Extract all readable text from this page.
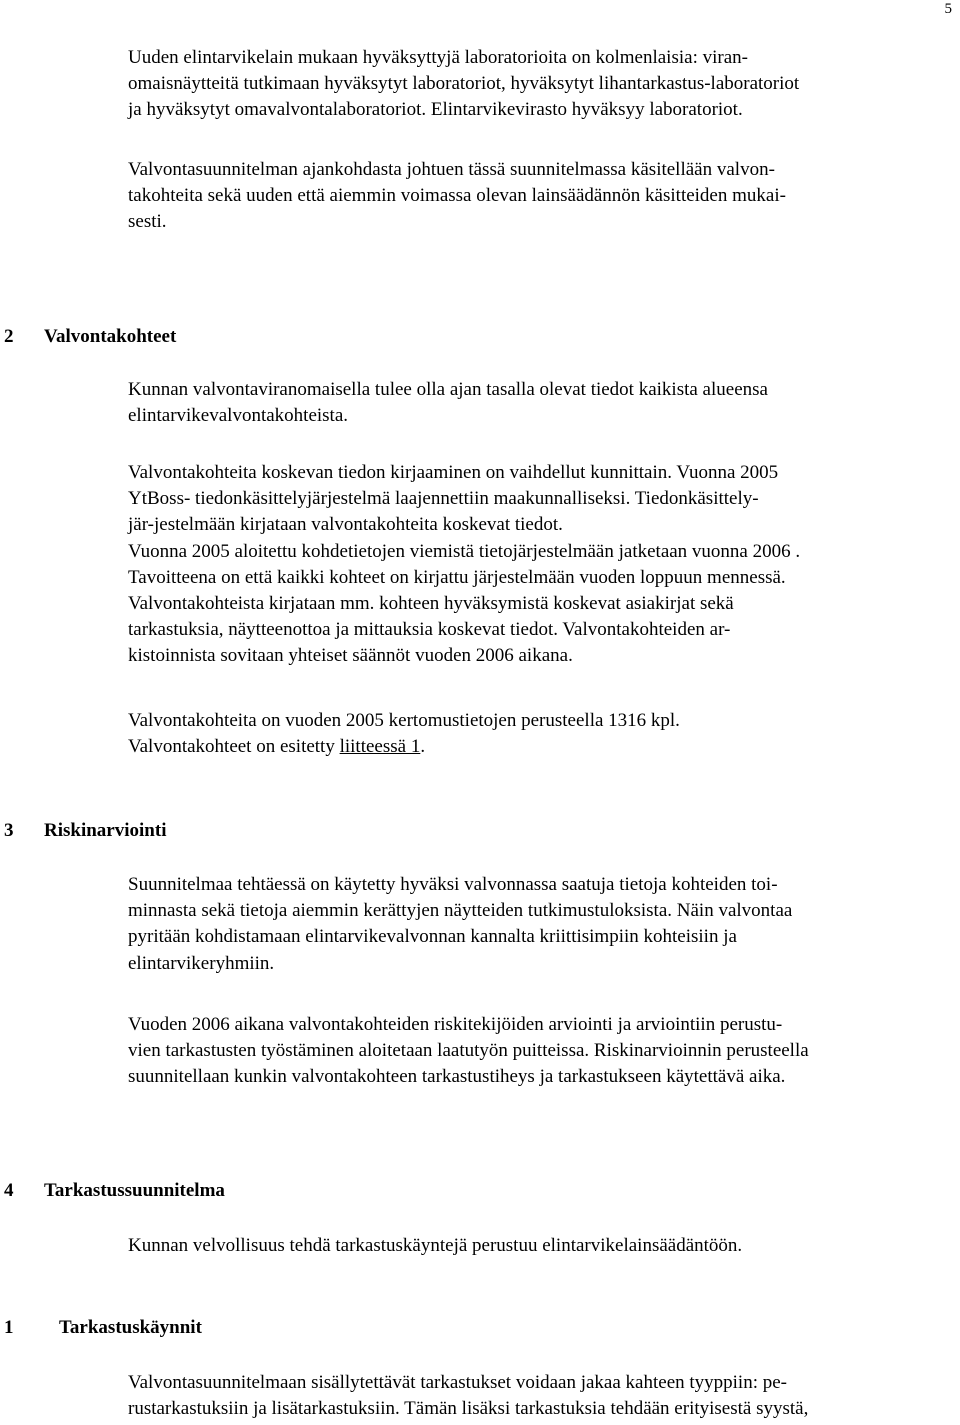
5

Uuden elintarvikelain mukaan hyväksyttyjä laboratorioita on kolmenlaisia: viran-
omaisnäytteitä tutkimaan hyväksytyt laboratoriot, hyväksytyt lihantarkastus-laboratoriot
ja hyväksytyt omavalvontalaboratoriot. Elintarvikevirasto hyväksyy laboratoriot.

Valvontasuunnitelman ajankohdasta johtuen tässä suunnitelmassa käsitellään valvon-
takohteita sekä uuden että aiemmin voimassa olevan lainsäädännön käsitteiden mukai-
sesti.

2 Valvontakohteet

Kunnan valvontaviranomaisella tulee olla ajan tasalla olevat tiedot kaikista alueensa
elintarvikevalvontakohteista.

Valvontakohteita koskevan tiedon kirjaaminen on vaihdellut kunnittain. Vuonna 2005
YtBoss- tiedonkäsittelyjärjestelmä laajennettiin maakunnalliseksi. Tiedonkäsittely-
jär-jestelmään kirjataan valvontakohteita koskevat tiedot.
Vuonna 2005 aloitettu kohdetietojen viemistä tietojärjestelmään jatketaan vuonna 2006 .
Tavoitteena on että kaikki kohteet on kirjattu järjestelmään vuoden loppuun mennessä.
Valvontakohteista kirjataan mm. kohteen hyväksymistä koskevat asiakirjat sekä
tarkastuksia, näytteenottoa ja mittauksia koskevat tiedot. Valvontakohteiden ar-
kistoinnista sovitaan yhteiset säännöt vuoden 2006 aikana.

Valvontakohteita on vuoden 2005 kertomustietojen perusteella 1316 kpl.
Valvontakohteet on esitetty liitteessä 1.

3 Riskinarviointi

Suunnitelmaa tehtäessä on käytetty hyväksi valvonnassa saatuja tietoja kohteiden toi-
minnasta sekä tietoja aiemmin kerättyjen näytteiden tutkimustuloksista. Näin valvontaa
pyritään kohdistamaan elintarvikevalvonnan kannalta kriittisimpiin kohteisiin ja
elintarvikeryhmiin.

Vuoden 2006 aikana valvontakohteiden riskitekijöiden arviointi ja arviointiin perustu-
vien tarkastusten työstäminen aloitetaan laatutyön puitteissa. Riskinarvioinnin perusteella
suunnitellaan kunkin valvontakohteen tarkastustiheys ja tarkastukseen käytettävä aika.

4 Tarkastussuunnitelma

Kunnan velvollisuus tehdä tarkastuskäyntejä perustuu elintarvikelainsäädäntöön.

1 Tarkastuskäynnit

Valvontasuunnitelmaan sisällytettävät tarkastukset voidaan jakaa kahteen tyyppiin: pe-
rustarkastuksiin ja lisätarkastuksiin. Tämän lisäksi tarkastuksia tehdään erityisestä syystä,
